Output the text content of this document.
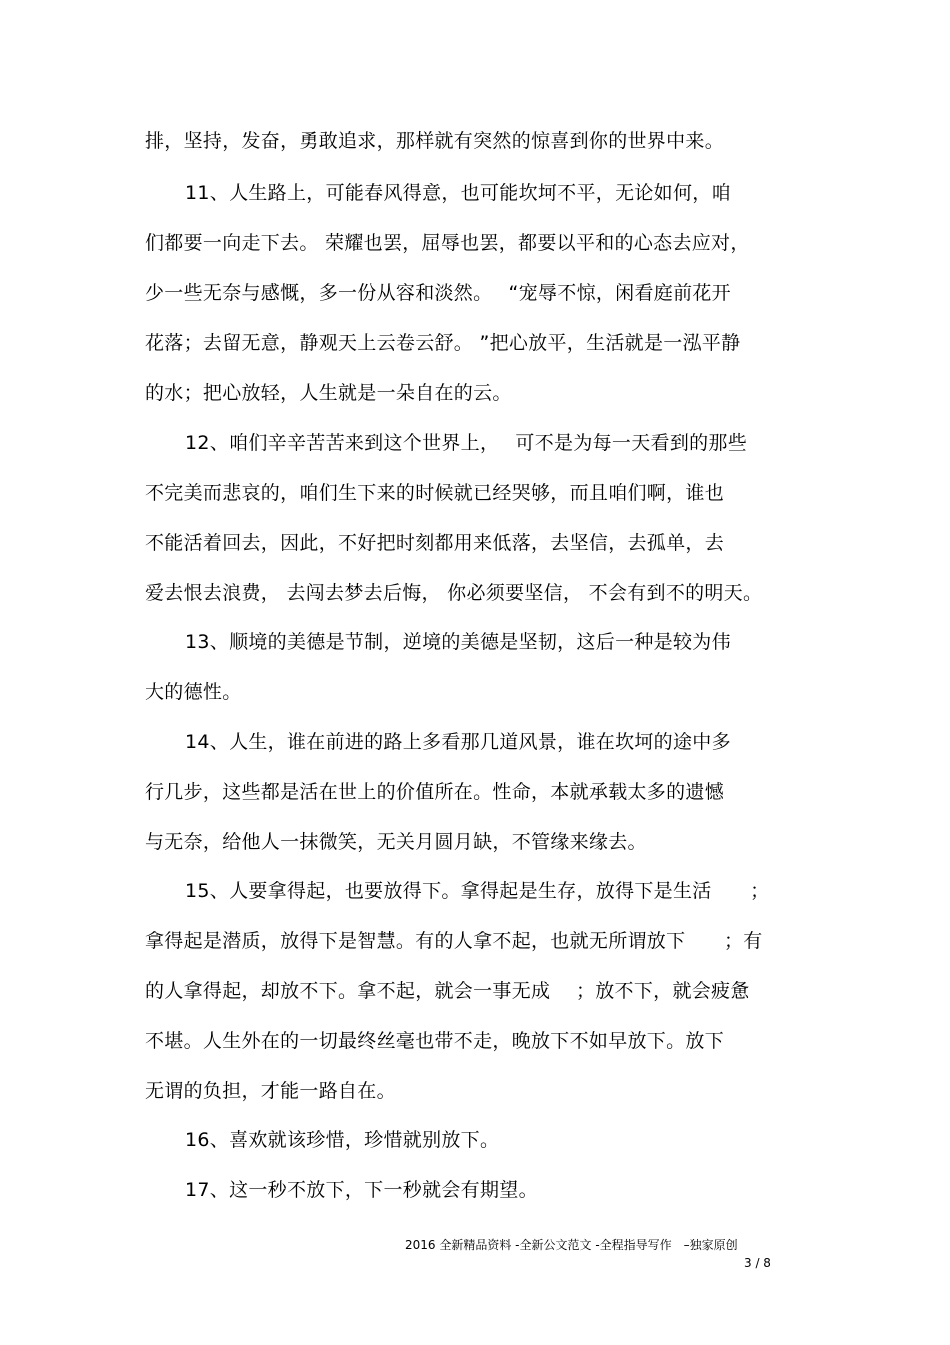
排，坚持，发奋，勇敢追求，那样就有突然的惊喜到你的世界中来。
11、人生路上，可能春风得意，也可能坎坷不平，无论如何，咱
们都要一向走下去。 荣耀也罢，屈辱也罢，都要以平和的心态去应对，
少一些无奈与感慨，多一份从容和淡然。　 “宠辱不惊，闲看庭前花开
花落；去留无意，静观天上云卷云舒。 ”把心放平，生活就是一泓平静
的水；把心放轻，人生就是一朵自在的云。
12、咱们辛辛苦苦来到这个世界上，　 可不是为每一天看到的那些
不完美而悲哀的，咱们生下来的时候就已经哭够，而且咱们啊，谁也
不能活着回去，因此，不好把时刻都用来低落，去坚信，去孤单，去
爱去恨去浪费， 去闯去梦去后悔， 你必须要坚信， 不会有到不的明天。
13、顺境的美德是节制，逆境的美德是坚韧，这后一种是较为伟
大的德性。
14、人生，谁在前进的路上多看那几道风景，谁在坎坷的途中多
行几步，这些都是活在世上的价值所在。性命，本就承载太多的遗憾
与无奈，给他人一抹微笑，无关月圆月缺，不管缘来缘去。
15、人要拿得起，也要放得下。拿得起是生存，放得下是生活　　；
拿得起是潜质，放得下是智慧。有的人拿不起，也就无所谓放下　　；有
的人拿得起，却放不下。拿不起，就会一事无成　 ；放不下，就会疲惫
不堪。人生外在的一切最终丝毫也带不走，晚放下不如早放下。放下
无谓的负担，才能一路自在。
16、喜欢就该珍惜，珍惜就别放下。
17、这一秒不放下，下一秒就会有期望。
2016 全新精品资料 -全新公文范文 -全程指导写作　–独家原创
3 / 8
